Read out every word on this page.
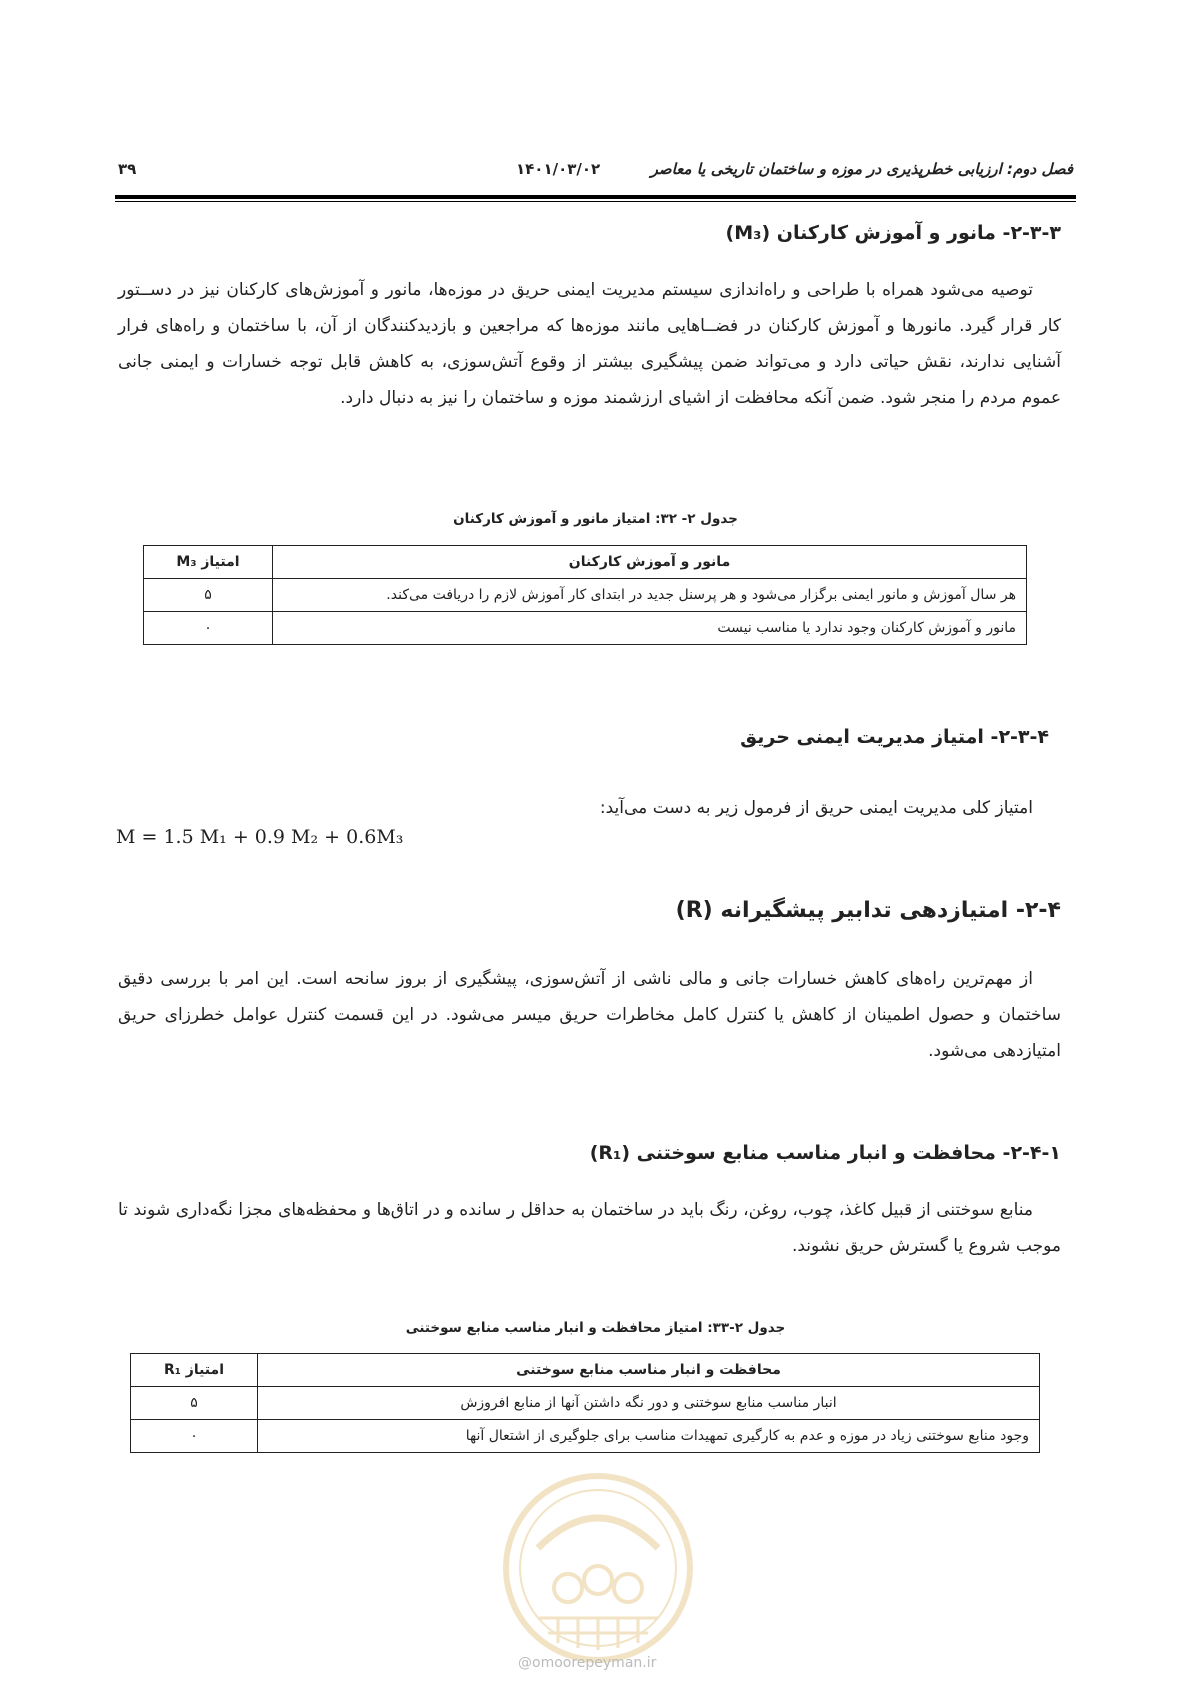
فصل دوم: ارزیابی خطرپذیری در موزه و ساختمان تاریخی یا معاصر
۱۴۰۱/۰۳/۰۲
۳۹
۲-۳-۳- مانور و آموزش کارکنان (M₃)
توصیه می‌شود همراه با طراحی و راه‌اندازی سیستم مدیریت ایمنی حریق در موزه‌ها، مانور و آموزش‌های کارکنان نیز در دســتور کار قرار گیرد. مانورها و آموزش کارکنان در فضــاهایی مانند موزه‌ها که مراجعین و بازدیدکنندگان از آن، با ساختمان و راه‌های فرار آشنایی ندارند، نقش حیاتی دارد و می‌تواند ضمن پیشگیری بیشتر از وقوع آتش‌سوزی، به کاهش قابل توجه خسارات و ایمنی جانی عموم مردم را منجر شود. ضمن آنکه محافظت از اشیای ارزشمند موزه و ساختمان را نیز به دنبال دارد.
جدول ۲- ۳۲: امتیاز مانور و آموزش کارکنان
مانور و آموزش کارکنان	امتیاز M₃
هر سال آموزش و مانور ایمنی برگزار می‌شود و هر پرسنل جدید در ابتدای کار آموزش لازم را دریافت می‌کند.	۵
مانور و آموزش کارکنان وجود ندارد یا مناسب نیست	۰
۲-۳-۴- امتیاز مدیریت ایمنی حریق
امتیاز کلی مدیریت ایمنی حریق از فرمول زیر به دست می‌آید:
M = 1.5 M₁ + 0.9 M₂ + 0.6M₃
۲-۴- امتیازدهی تدابیر پیشگیرانه (R)
از مهم‌ترین راه‌های کاهش خسارات جانی و مالی ناشی از آتش‌سوزی، پیشگیری از بروز سانحه است. این امر با بررسی دقیق ساختمان و حصول اطمینان از کاهش یا کنترل کامل مخاطرات حریق میسر می‌شود. در این قسمت کنترل عوامل خطرزای حریق امتیازدهی می‌شود.
۲-۴-۱- محافظت و انبار مناسب منابع سوختنی (R₁)
منابع سوختنی از قبیل کاغذ، چوب، روغن، رنگ باید در ساختمان به حداقل ر سانده و در اتاق‌ها و محفظه‌های مجزا نگه‌داری شوند تا موجب شروع یا گسترش حریق نشوند.
جدول ۲-۳۳: امتیاز محافظت و انبار مناسب منابع سوختنی
محافظت و انبار مناسب منابع سوختنی	امتیاز R₁
انبار مناسب منابع سوختنی و دور نگه داشتن آنها از منابع افروزش	۵
وجود منابع سوختنی زیاد در موزه و عدم به کارگیری تمهیدات مناسب برای جلوگیری از اشتعال آنها	۰
@omoorepeyman.ir
